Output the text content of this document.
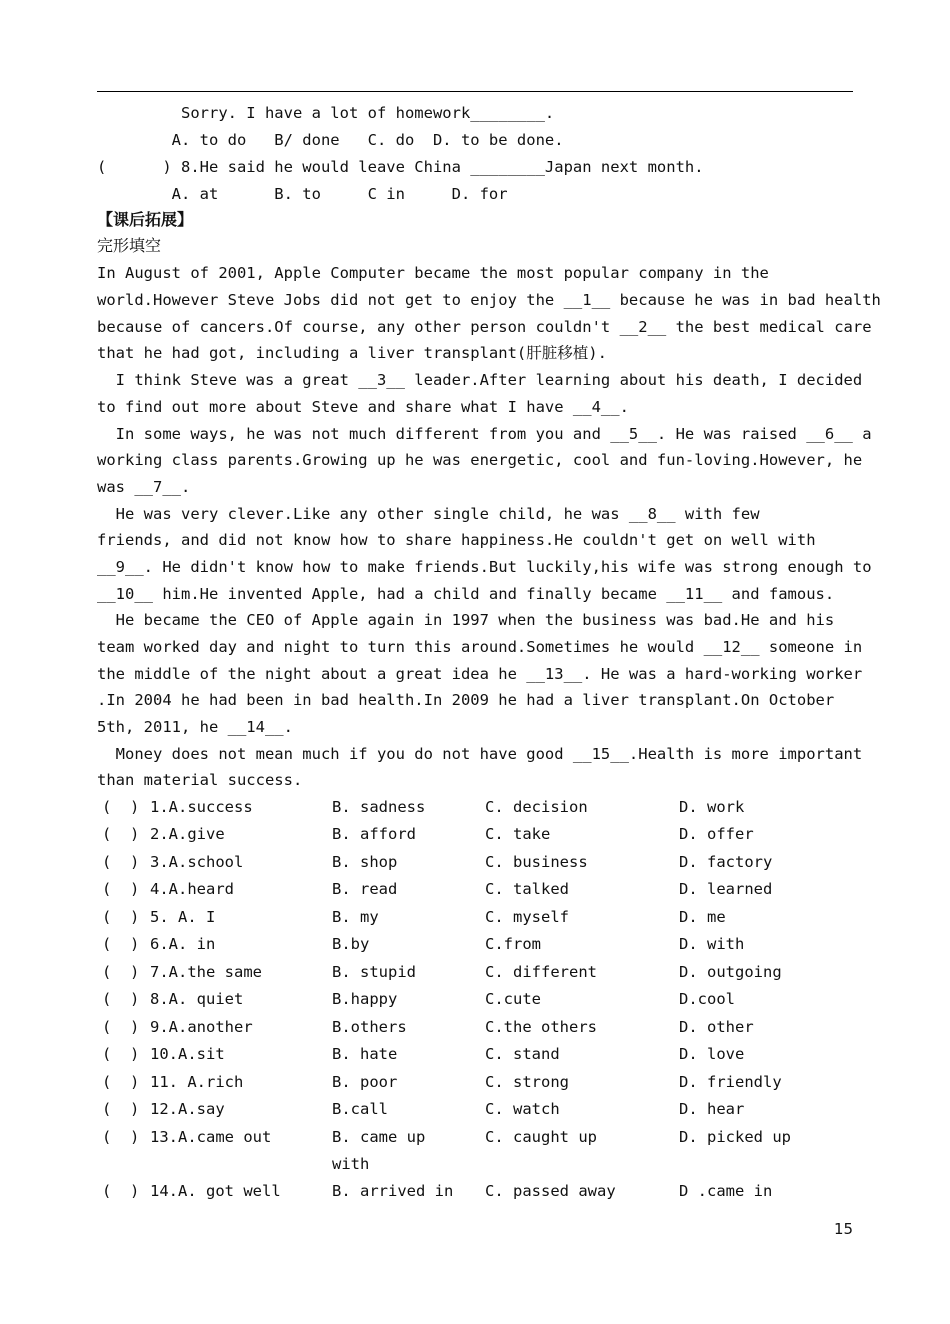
Sorry. I have a lot of homework________.
A. to do   B/ done   C. do  D. to be done.
(      ) 8.He said he would leave China ________Japan next month.
A. at      B. to     C in     D. for
【课后拓展】
完形填空
In August of 2001, Apple Computer became the most popular company in the
world.However Steve Jobs did not get to enjoy the __1__ because he was in bad health
because of cancers.Of course, any other person couldn't __2__ the best medical care
that he had got, including a liver transplant(肝脏移植).
I think Steve was a great __3__ leader.After learning about his death, I decided
to find out more about Steve and share what I have __4__.
In some ways, he was not much different from you and __5__. He was raised __6__ a
working class parents.Growing up he was energetic, cool and fun-loving.However, he
was __7__.
He was very clever.Like any other single child, he was __8__ with few
friends, and did not know how to share happiness.He couldn't get on well with
__9__. He didn't know how to make friends.But luckily,his wife was strong enough to
__10__ him.He invented Apple, had a child and finally became __11__ and famous.
He became the CEO of Apple again in 1997 when the business was bad.He and his
team worked day and night to turn this around.Sometimes he would __12__ someone in
the middle of the night about a great idea he __13__. He was a hard-working worker
.In 2004 he had been in bad health.In 2009 he had a liver transplant.On October
5th, 2011, he __14__.
Money does not mean much if you do not have good __15__.Health is more important
than material success.
(  ) 1.A.success	B. sadness	C. decision	D. work
(  ) 2.A.give	B. afford	C. take	D. offer
(  ) 3.A.school	B. shop	C. business	D. factory
(  ) 4.A.heard	B. read	C. talked	D. learned
(  ) 5. A. I	B. my	C. myself	D. me
(  ) 6.A. in	B.by	C.from	D. with
(  ) 7.A.the same	B. stupid	C. different	D. outgoing
(  ) 8.A. quiet	B.happy	C.cute	D.cool
(  ) 9.A.another	B.others	C.the others	D. other
(  ) 10.A.sit	B. hate	C. stand	D. love
(  ) 11. A.rich	B. poor	C. strong	D. friendly
(  ) 12.A.say	B.call	C. watch	D. hear
(  ) 13.A.came out	B. came up	C. caught up	D. picked up
with
(  ) 14.A. got well	B. arrived in C. passed away	D .came in
15
